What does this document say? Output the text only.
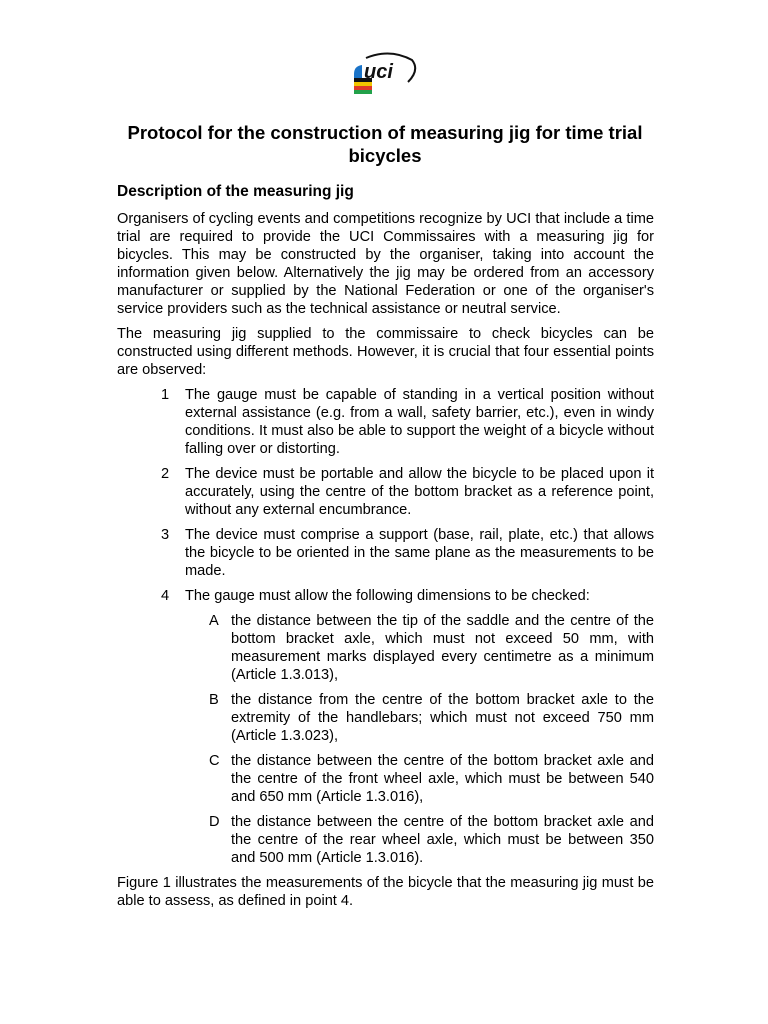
uci
Protocol for the construction of measuring jig for time trial bicycles
Description of the measuring jig

Organisers of cycling events and competitions recognize by UCI that include a time trial are required to provide the UCI Commissaires with a measuring jig for bicycles. This may be constructed by the organiser, taking into account the information given below. Alternatively the jig may be ordered from an accessory manufacturer or supplied by the National Federation or one of the organiser's service providers such as the technical assistance or neutral service.

The measuring jig supplied to the commissaire to check bicycles can be constructed using different methods. However, it is crucial that four essential points are observed:

1 The gauge must be capable of standing in a vertical position without external assistance (e.g. from a wall, safety barrier, etc.), even in windy conditions. It must also be able to support the weight of a bicycle without falling over or distorting.
2 The device must be portable and allow the bicycle to be placed upon it accurately, using the centre of the bottom bracket as a reference point, without any external encumbrance.
3 The device must comprise a support (base, rail, plate, etc.) that allows the bicycle to be oriented in the same plane as the measurements to be made.
4 The gauge must allow the following dimensions to be checked:
A the distance between the tip of the saddle and the centre of the bottom bracket axle, which must not exceed 50 mm, with measurement marks displayed every centimetre as a minimum (Article 1.3.013),
B the distance from the centre of the bottom bracket axle to the extremity of the handlebars; which must not exceed 750 mm (Article 1.3.023),
C the distance between the centre of the bottom bracket axle and the centre of the front wheel axle, which must be between 540 and 650 mm (Article 1.3.016),
D the distance between the centre of the bottom bracket axle and the centre of the rear wheel axle, which must be between 350 and 500 mm (Article 1.3.016).

Figure 1 illustrates the measurements of the bicycle that the measuring jig must be able to assess, as defined in point 4.
